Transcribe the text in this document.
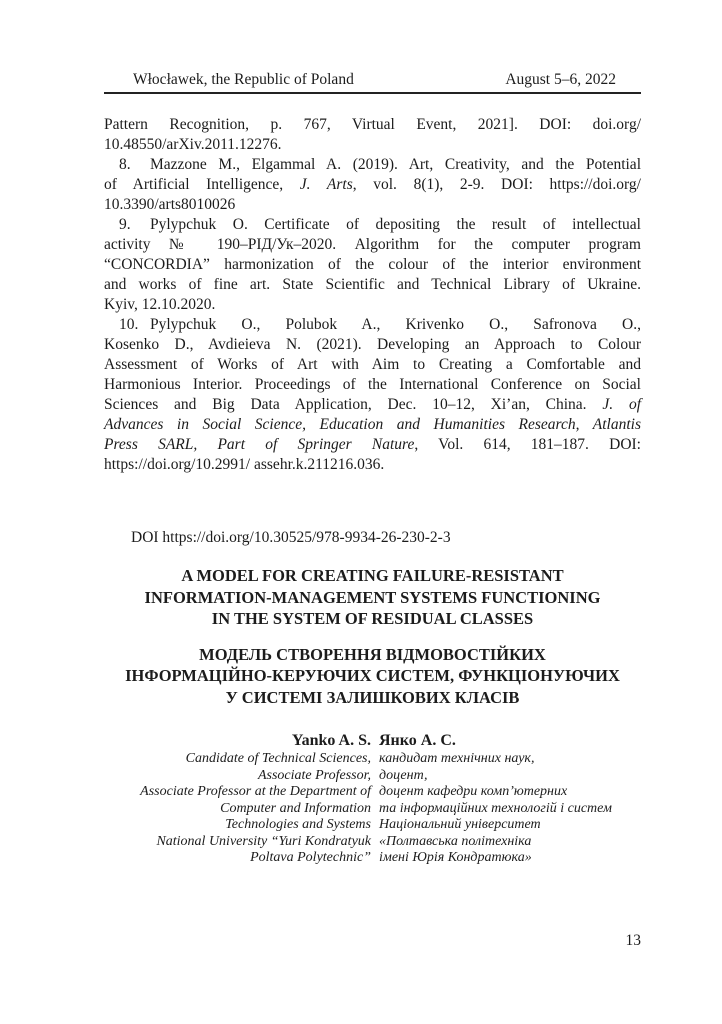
Włocławek, the Republic of Poland	August 5–6, 2022
Pattern Recognition, p. 767, Virtual Event, 2021]. DOI: doi.org/
10.48550/arXiv.2011.12276.
8. Mazzone M., Elgammal A. (2019). Art, Creativity, and the Potential
of Artificial Intelligence, J. Arts, vol. 8(1), 2-9. DOI: https://doi.org/
10.3390/arts8010026
9. Pylypchuk O. Certificate of depositing the result of intellectual
activity № 190–РІД/Ук–2020. Algorithm for the computer program
“CONCORDIA” harmonization of the colour of the interior environment
and works of fine art. State Scientific and Technical Library of Ukraine.
Kyiv, 12.10.2020.
10. Pylypchuk O., Polubok A., Krivenko O., Safronova O.,
Kosenko D., Avdieieva N. (2021). Developing an Approach to Colour
Assessment of Works of Art with Aim to Creating a Comfortable and
Harmonious Interior. Proceedings of the International Conference on Social
Sciences and Big Data Application, Dec. 10–12, Xi’an, China. J. of
Advances in Social Science, Education and Humanities Research, Atlantis
Press SARL, Part of Springer Nature, Vol. 614, 181–187. DOI:
https://doi.org/10.2991/ assehr.k.211216.036.
DOI https://doi.org/10.30525/978-9934-26-230-2-3
A MODEL FOR CREATING FAILURE-RESISTANT
INFORMATION-MANAGEMENT SYSTEMS FUNCTIONING
IN THE SYSTEM OF RESIDUAL CLASSES
МОДЕЛЬ СТВОРЕННЯ ВІДМОВОСТІЙКИХ
ІНФОРМАЦІЙНО-КЕРУЮЧИХ СИСТЕМ, ФУНКЦІОНУЮЧИХ
У СИСТЕМІ ЗАЛИШКОВИХ КЛАСІВ
Yanko A. S. Янко А. С.
Candidate of Technical Sciences, кандидат технічних наук,
Associate Professor, доцент,
Associate Professor at the Department of доцент кафедри комп’ютерних
Computer and Information та інформаційних технологій і систем
Technologies and Systems Національний університет
National University “Yuri Kondratyuk «Полтавська політехніка
Poltava Polytechnic” імені Юрія Кондратюка»
13
